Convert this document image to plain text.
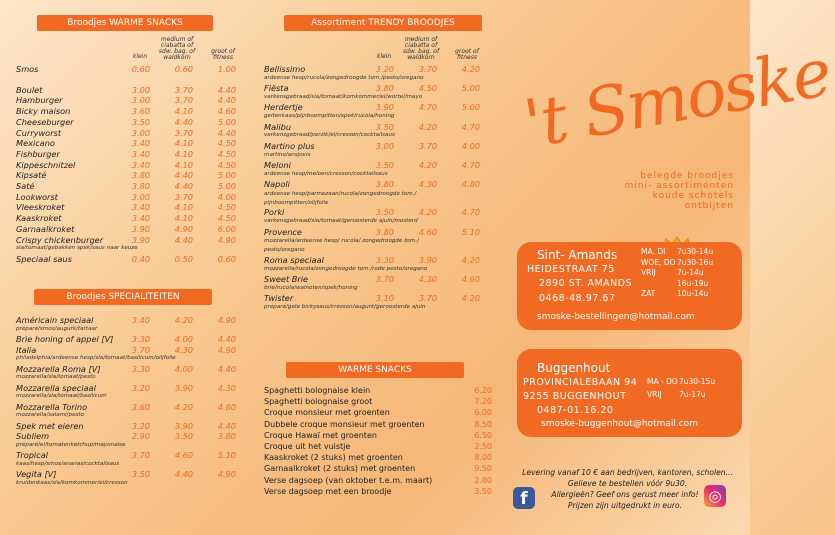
Broodjes WARME SNACKS
klein
medium of ciabatta of sdw. bag. of waldkorn
groot of fitness
Smos	0.60	0.60	1.00
Boulet	3.00	3.70	4.40
Hamburger	3.00	3.70	4.40
Bicky maison	3.60	4.10	4.60
Cheeseburger	3.50	4.40	5.00
Curryworst	3.00	3.70	4.40
Mexicano	3.40	4.10	4.50
Fishburger	3.40	4.10	4.50
Kippeschnitzel	3.40	4.10	4.50
Kipsaté	3.80	4.40	5.00
Saté	3.80	4.40	5.00
Lookworst	3.00	3.70	4.00
Vleeskroket	3.40	4.10	4.50
Kaaskroket	3.40	4.10	4.50
Garnaalkroket	3.90	4.90	6.00
Crispy chickenburger	3.90	4.40	4.90
sla/tomaat/gebakken spek/saus naar keuze
Speciaal saus	0.40	0.50	0.60
Broodjes SPECIALITEITEN
Américain speciaal	3.40	4.20	4.90
préparé/smos/augurk/tartaar
Brie honing of appel [V]	3.30	4.00	4.40
Italia	3.70	4.30	4.90
philadelphia/ardeense hesp/sla/tomaat/basilicum/olijfolie
Mozzarella Roma [V]	3.30	4.00	4.40
mozzarella/sla/tomaat/pesto
Mozzarella speciaal	3.20	3.90	4.30
mozzarella/sla/tomaat/basilicum
Mozzarella Torino	3.60	4.20	4.80
mozzarella/salami/pesto
Spek met eieren	3.20	3.90	4.40
Subliem	2.90	3.50	3.80
préparé/ei/tomatenketchup/mayonaise
Tropical	3.70	4.60	5.10
kaas/hesp/smos/ananas/cocktailsaus
Vegita [V]	3.50	4.40	4.90
kruidenkaas/sla/komkommer/ei/cresson
Assortiment TRENDY BROODJES
klein
medium of ciabatta of sdw. bag. of waldkorn
groot of fitness
Bellissimo	3.20	3.70	4.20
ardeense hesp/rucola/zongedroogde tom./pesto/oregano
Fiësta	3.80	4.50	5.00
varkensgebraad/sla/tomaat/komkommer/ei/wortel/mayo
Herdertje	3.90	4.70	5.00
geitenkaas/pijnboompitten/spek/rucola/honing
Malibu	3.50	4.20	4.70
varkensgebraad/perzik/ei/cresson/cocktailsaus
Martino plus	3.00	3.70	4.00
martino/ansjovis
Meloni	3.50	4.20	4.70
ardeense hesp/meloen/cresson/cocktailsaus
Napoli	3.80	4.30	4.80
ardeense hesp/parmezaan/rucola/zongedroogde tom./
pijnboompitten/olijfolie
Porki	3.50	4.20	4.70
varkensgebraad/sla/tomaat/geroosterde ajuin/mosterd
Provence	3.80	4.60	5.10
mozzarella/ardeense hesp/ rucola/ zongedroogde tom./
pesto/oregano
Roma speciaal	3.30	3.90	4.20
mozzarella/rucola/zongedroogde tom./rode pesto/oregano
Sweet Brie	3.70	4.30	4.60
brie/rucola/walnoten/spek/honing
Twister	3.10	3.70	4.20
préparé/gele bickysaus/cresson/augurk/geroosterde ajuin
WARME SNACKS
Spaghetti bolognaise klein	6.20
Spaghetti bolognaise groot	7.20
Croque monsieur met groenten	6.00
Dubbele croque monsieur met groenten	8.50
Croque Hawaï met groenten	6.50
Croque uit het vuistje	2.50
Kaaskroket (2 stuks) met groenten	8.00
Garnaalkroket (2 stuks) met groenten	9.50
Verse dagsoep (van oktober t.e.m. maart)	2.80
Verse dagsoep met een broodje	3.50
't Smoske
belegde broodjes
mini- assortimenten
koude schotels
ontbijten
Sint- Amands
HEIDESTRAAT 75
2890 ST. AMANDS
0468-48.97.67
MA, DI 7u30-14u
WOE, DO 7u30-16u
VRIJ	7u-14u
16u-19u
ZAT	10u-14u
smoske-bestellingen@hotmail.com
Buggenhout
PROVINCIALEBAAN 94
9255 BUGGENHOUT
0487-01.16.20
MA - DO 7u30-15u
VRIJ 7u-17u
smoske-buggenhout@hotmail.com
Levering vanaf 10 € aan bedrijven, kantoren, scholen...
Gelieve te bestellen vóór 9u30.
Allergieën? Geef ons gerust meer info!
Prijzen zijn uitgedrukt in euro.
f	◎
